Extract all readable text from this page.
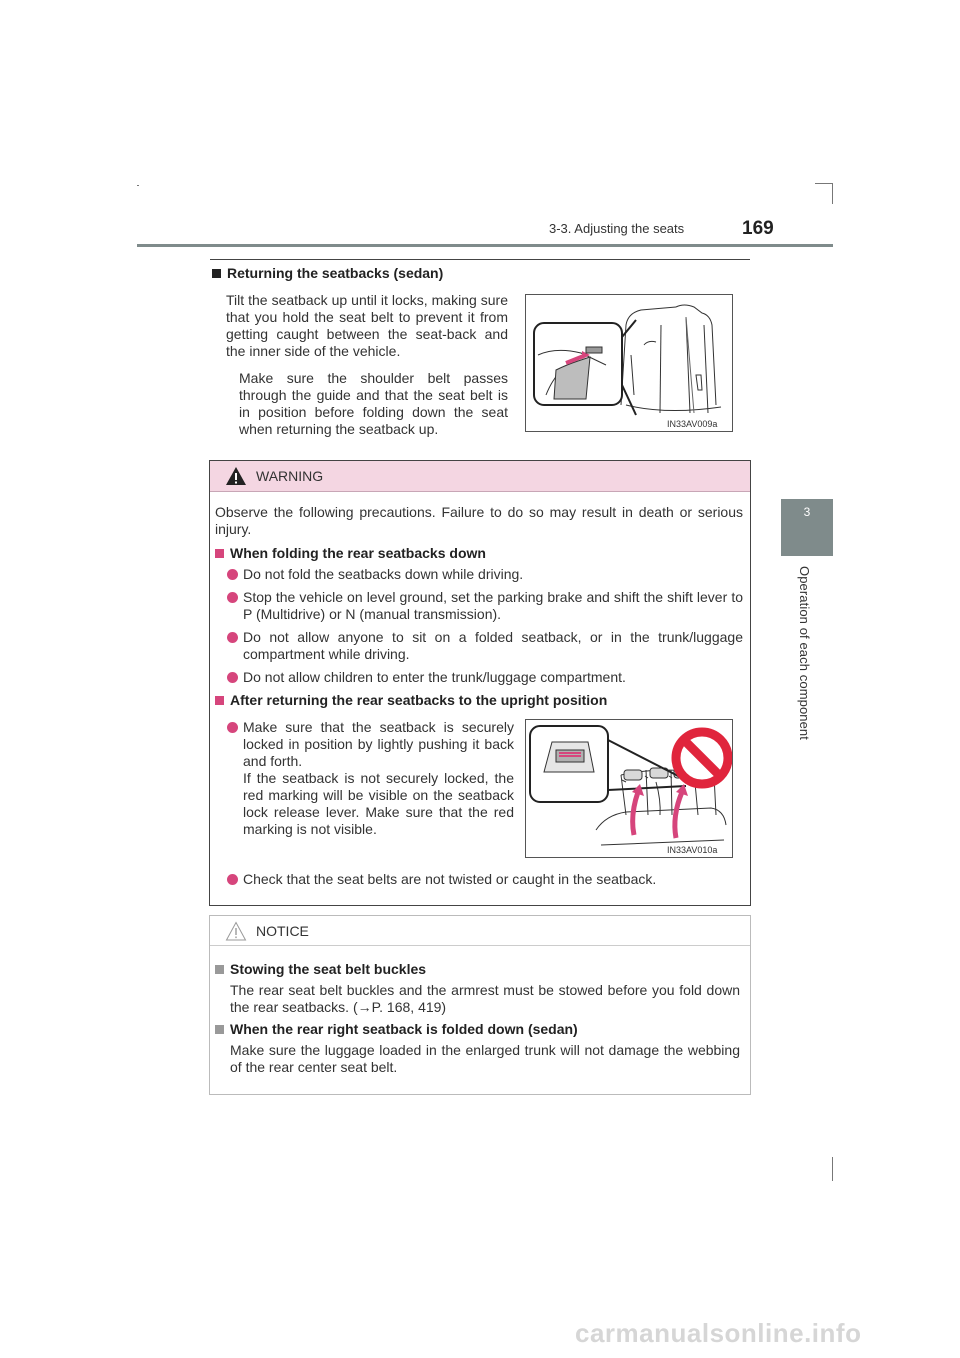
3-3. Adjusting the seats	169
3
Operation of each component
Returning the seatbacks (sedan)
Tilt the seatback up until it locks, making sure that you hold the seat belt to prevent it from getting caught between the seat-back and the inner side of the vehicle.
Make sure the shoulder belt passes through the guide and that the seat belt is in position before folding down the seat when returning the seatback up.	IN33AV009a
WARNING
Observe the following precautions. Failure to do so may result in death or serious injury.
When folding the rear seatbacks down
Do not fold the seatbacks down while driving.
Stop the vehicle on level ground, set the parking brake and shift the shift lever to P (Multidrive) or N (manual transmission).
Do not allow anyone to sit on a folded seatback, or in the trunk/luggage compartment while driving.
Do not allow children to enter the trunk/luggage compartment.
After returning the rear seatbacks to the upright position
Make sure that the seatback is securely locked in position by lightly pushing it back and forth.
If the seatback is not securely locked, the red marking will be visible on the seatback lock release lever. Make sure that the red marking is not visible.
IN33AV010a
Check that the seat belts are not twisted or caught in the seatback.
NOTICE
Stowing the seat belt buckles
The rear seat belt buckles and the armrest must be stowed before you fold down the rear seatbacks. (→P. 168, 419)
When the rear right seatback is folded down (sedan)
Make sure the luggage loaded in the enlarged trunk will not damage the webbing of the rear center seat belt.
carmanualsonline.info
